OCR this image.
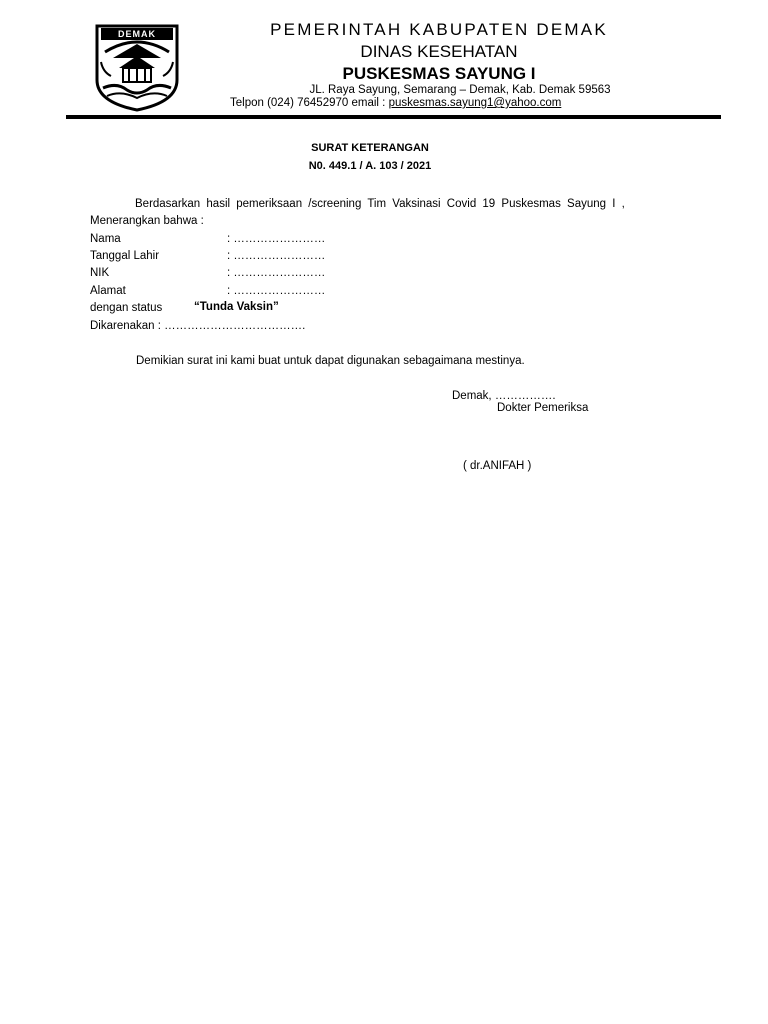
DEMAK	PEMERINTAH KABUPATEN DEMAK
DINAS KESEHATAN
PUSKESMAS SAYUNG I
JL. Raya Sayung, Semarang – Demak, Kab. Demak 59563
Telpon (024) 76452970 email : puskesmas.sayung1@yahoo.com
SURAT KETERANGAN
N0. 449.1 / A. 103 / 2021
Berdasarkan hasil pemeriksaan /screening Tim Vaksinasi Covid 19 Puskesmas Sayung I ,
Menerangkan bahwa :
Nama	: ……………………
Tanggal Lahir	: ……………………
NIK	: ……………………
Alamat	: ……………………
dengan status	“Tunda Vaksin”
Dikarenakan : ……………………………….
Demikian surat ini kami buat untuk dapat digunakan sebagaimana mestinya.
Demak, …………….
Dokter Pemeriksa
( dr.ANIFAH )
